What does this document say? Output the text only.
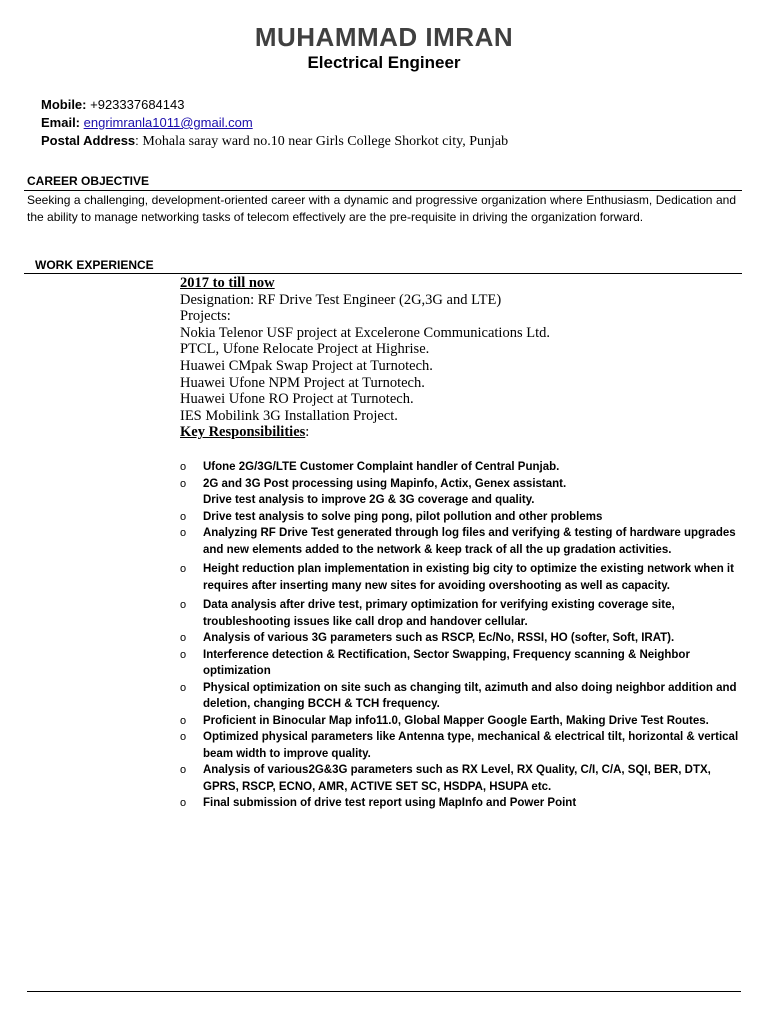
MUHAMMAD IMRAN
Electrical Engineer
Mobile: +923337684143
Email: engrimranla1011@gmail.com
Postal Address: Mohala saray ward no.10 near Girls College Shorkot city, Punjab
CAREER OBJECTIVE
Seeking a challenging, development-oriented career with a dynamic and progressive organization where Enthusiasm, Dedication and the ability to manage networking tasks of telecom effectively are the pre-requisite in driving the organization forward.
WORK EXPERIENCE
2017 to till now
Designation: RF Drive Test Engineer (2G,3G and LTE)
Projects:
Nokia Telenor USF project at Excelerone Communications Ltd.
PTCL, Ufone Relocate Project at Highrise.
Huawei CMpak Swap Project at Turnotech.
Huawei Ufone NPM Project at Turnotech.
Huawei Ufone RO Project at Turnotech.
IES Mobilink 3G Installation Project.
Key Responsibilities:
o Ufone 2G/3G/LTE Customer Complaint handler of Central Punjab.
o 2G and 3G Post processing using Mapinfo, Actix, Genex assistant.
Drive test analysis to improve 2G & 3G coverage and quality.
o Drive test analysis to solve ping pong, pilot pollution and other problems
o Analyzing RF Drive Test generated through log files and verifying & testing of hardware upgrades and new elements added to the network & keep track of all the up gradation activities.
o Height reduction plan implementation in existing big city to optimize the existing network when it requires after inserting many new sites for avoiding overshooting as well as capacity.
o Data analysis after drive test, primary optimization for verifying existing coverage site, troubleshooting issues like call drop and handover cellular.
o Analysis of various 3G parameters such as RSCP, Ec/No, RSSI, HO (softer, Soft, IRAT).
o Interference detection & Rectification, Sector Swapping, Frequency scanning & Neighbor optimization
o Physical optimization on site such as changing tilt, azimuth and also doing neighbor addition and deletion, changing BCCH & TCH frequency.
o Proficient in Binocular Map info11.0, Global Mapper Google Earth, Making Drive Test Routes.
o Optimized physical parameters like Antenna type, mechanical & electrical tilt, horizontal & vertical beam width to improve quality.
o Analysis of various2G&3G parameters such as RX Level, RX Quality, C/I, C/A, SQI, BER, DTX, GPRS, RSCP, ECNO, AMR, ACTIVE SET SC, HSDPA, HSUPA etc.
o Final submission of drive test report using MapInfo and Power Point
